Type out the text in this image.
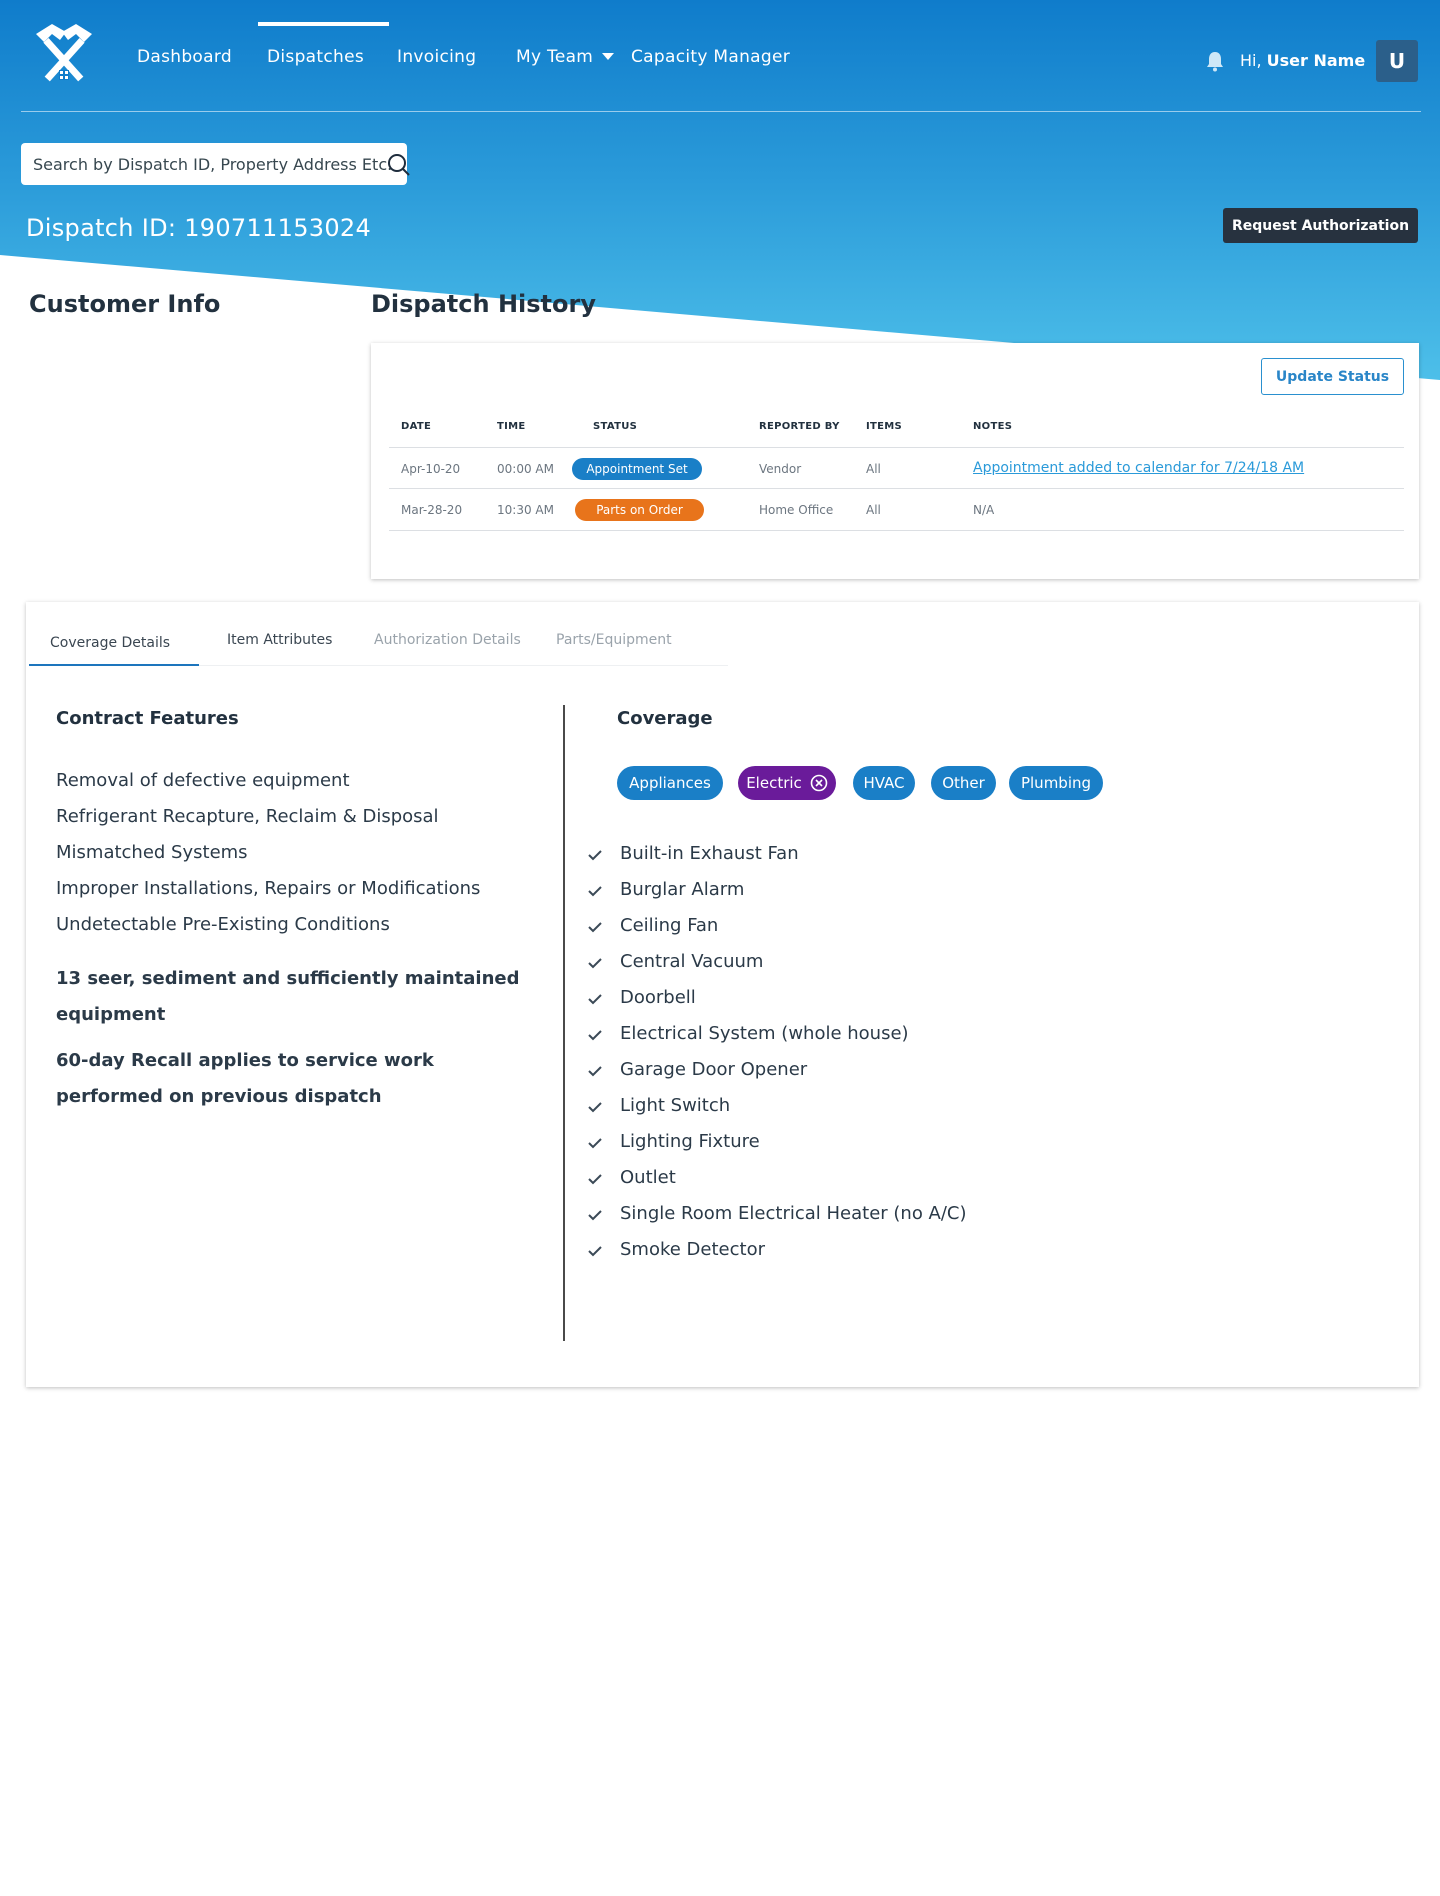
Dashboard Dispatches Invoicing My Team Capacity Manager	Hi, User Name	U
Search by Dispatch ID, Property Address Etc.
Dispatch ID: 190711153024	Request Authorization
Customer Info	Dispatch History
Update Status
DATE	TIME	STATUS	REPORTED BY	ITEMS	NOTES
Apr-10-20	00:00 AM	Appointment Set	Vendor	All	Appointment added to calendar for 7/24/18 AM
Mar-28-20	10:30 AM	Parts on Order	Home Office	All	N/A
Coverage Details	Item Attributes	Authorization Details	Parts/Equipment
Contract Features
Removal of defective equipment
Refrigerant Recapture, Reclaim & Disposal
Mismatched Systems
Improper Installations, Repairs or Modifications
Undetectable Pre-Existing Conditions
13 seer, sediment and sufficiently maintained equipment
60-day Recall applies to service work performed on previous dispatch
Coverage
Appliances	Electric	HVAC	Other	Plumbing
Built-in Exhaust Fan
Burglar Alarm
Ceiling Fan
Central Vacuum
Doorbell
Electrical System (whole house)
Garage Door Opener
Light Switch
Lighting Fixture
Outlet
Single Room Electrical Heater (no A/C)
Smoke Detector
